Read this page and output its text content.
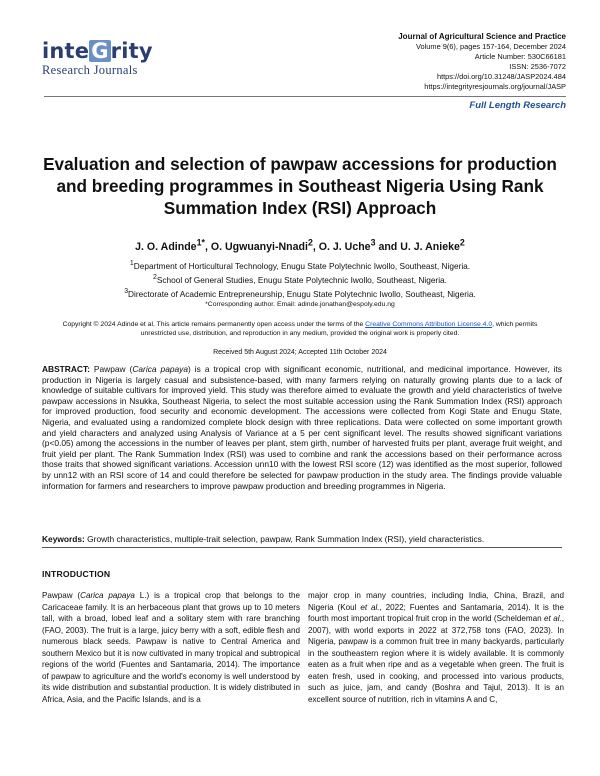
inteGrity
Research Journals
Journal of Agricultural Science and Practice
Volume 9(6), pages 157-164, December 2024
Article Number: 530C66181
ISSN: 2536-7072
https://doi.org/10.31248/JASP2024.484
https://integrityresjournals.org/journal/JASP
Full Length Research
Evaluation and selection of pawpaw accessions for production and breeding programmes in Southeast Nigeria Using Rank Summation Index (RSI) Approach
J. O. Adinde$^{1*}$, O. Ugwuanyi-Nnadi$^2$, O. J. Uche$^3$ and U. J. Anieke$^2$
$^1$Department of Horticultural Technology, Enugu State Polytechnic Iwollo, Southeast, Nigeria.
$^2$School of General Studies, Enugu State Polytechnic Iwollo, Southeast, Nigeria.
$^3$Directorate of Academic Entrepreneurship, Enugu State Polytechnic Iwollo, Southeast, Nigeria.
*Corresponding author. Email: adinde.jonathan@espoly.edu.ng
Copyright © 2024 Adinde et al. This article remains permanently open access under the terms of the Creative Commons Attribution License 4.0, which permits unrestricted use, distribution, and reproduction in any medium, provided the original work is properly cited.
Received 5th August 2024; Accepted 11th October 2024
ABSTRACT: Pawpaw (Carica papaya) is a tropical crop with significant economic, nutritional, and medicinal importance. However, its production in Nigeria is largely casual and subsistence-based, with many farmers relying on naturally growing plants due to a lack of knowledge of suitable cultivars for improved yield. This study was therefore aimed to evaluate the growth and yield characteristics of twelve pawpaw accessions in Nsukka, Southeast Nigeria, to select the most suitable accession using the Rank Summation Index (RSI) approach for improved production, food security and economic development. The accessions were collected from Kogi State and Enugu State, Nigeria, and evaluated using a randomized complete block design with three replications. Data were collected on some important growth and yield characters and analyzed using Analysis of Variance at a 5 per cent significant level. The results showed significant variations (p<0.05) among the accessions in the number of leaves per plant, stem girth, number of harvested fruits per plant, average fruit weight, and fruit yield per plant. The Rank Summation Index (RSI) was used to combine and rank the accessions based on their performance across those traits that showed significant variations. Accession unn10 with the lowest RSI score (12) was identified as the most superior, followed by unn12 with an RSI score of 14 and could therefore be selected for pawpaw production in the study area. The findings provide valuable information for farmers and researchers to improve pawpaw production and breeding programmes in Nigeria.
Keywords: Growth characteristics, multiple-trait selection, pawpaw, Rank Summation Index (RSI), yield characteristics.
INTRODUCTION
Pawpaw (Carica papaya L.) is a tropical crop that belongs to the Caricaceae family. It is an herbaceous plant that grows up to 10 meters tall, with a broad, lobed leaf and a solitary stem with rare branching (FAO, 2003). The fruit is a large, juicy berry with a soft, edible flesh and numerous black seeds. Pawpaw is native to Central America and southern Mexico but it is now cultivated in many tropical and subtropical regions of the world (Fuentes and Santamaria, 2014). The importance of pawpaw to agriculture and the world's economy is well understood by its wide distribution and substantial production. It is widely distributed in Africa, Asia, and the Pacific Islands, and is a
major crop in many countries, including India, China, Brazil, and Nigeria (Koul et al., 2022; Fuentes and Santamaria, 2014). It is the fourth most important tropical fruit crop in the world (Scheldeman et al., 2007), with world exports in 2022 at 372,758 tons (FAO, 2023). In Nigeria, pawpaw is a common fruit tree in many backyards, particularly in the southeastern region where it is widely available. It is commonly eaten as a fruit when ripe and as a vegetable when green. The fruit is eaten fresh, used in cooking, and processed into various products, such as juice, jam, and candy (Boshra and Tajul, 2013). It is an excellent source of nutrition, rich in vitamins A and C,
